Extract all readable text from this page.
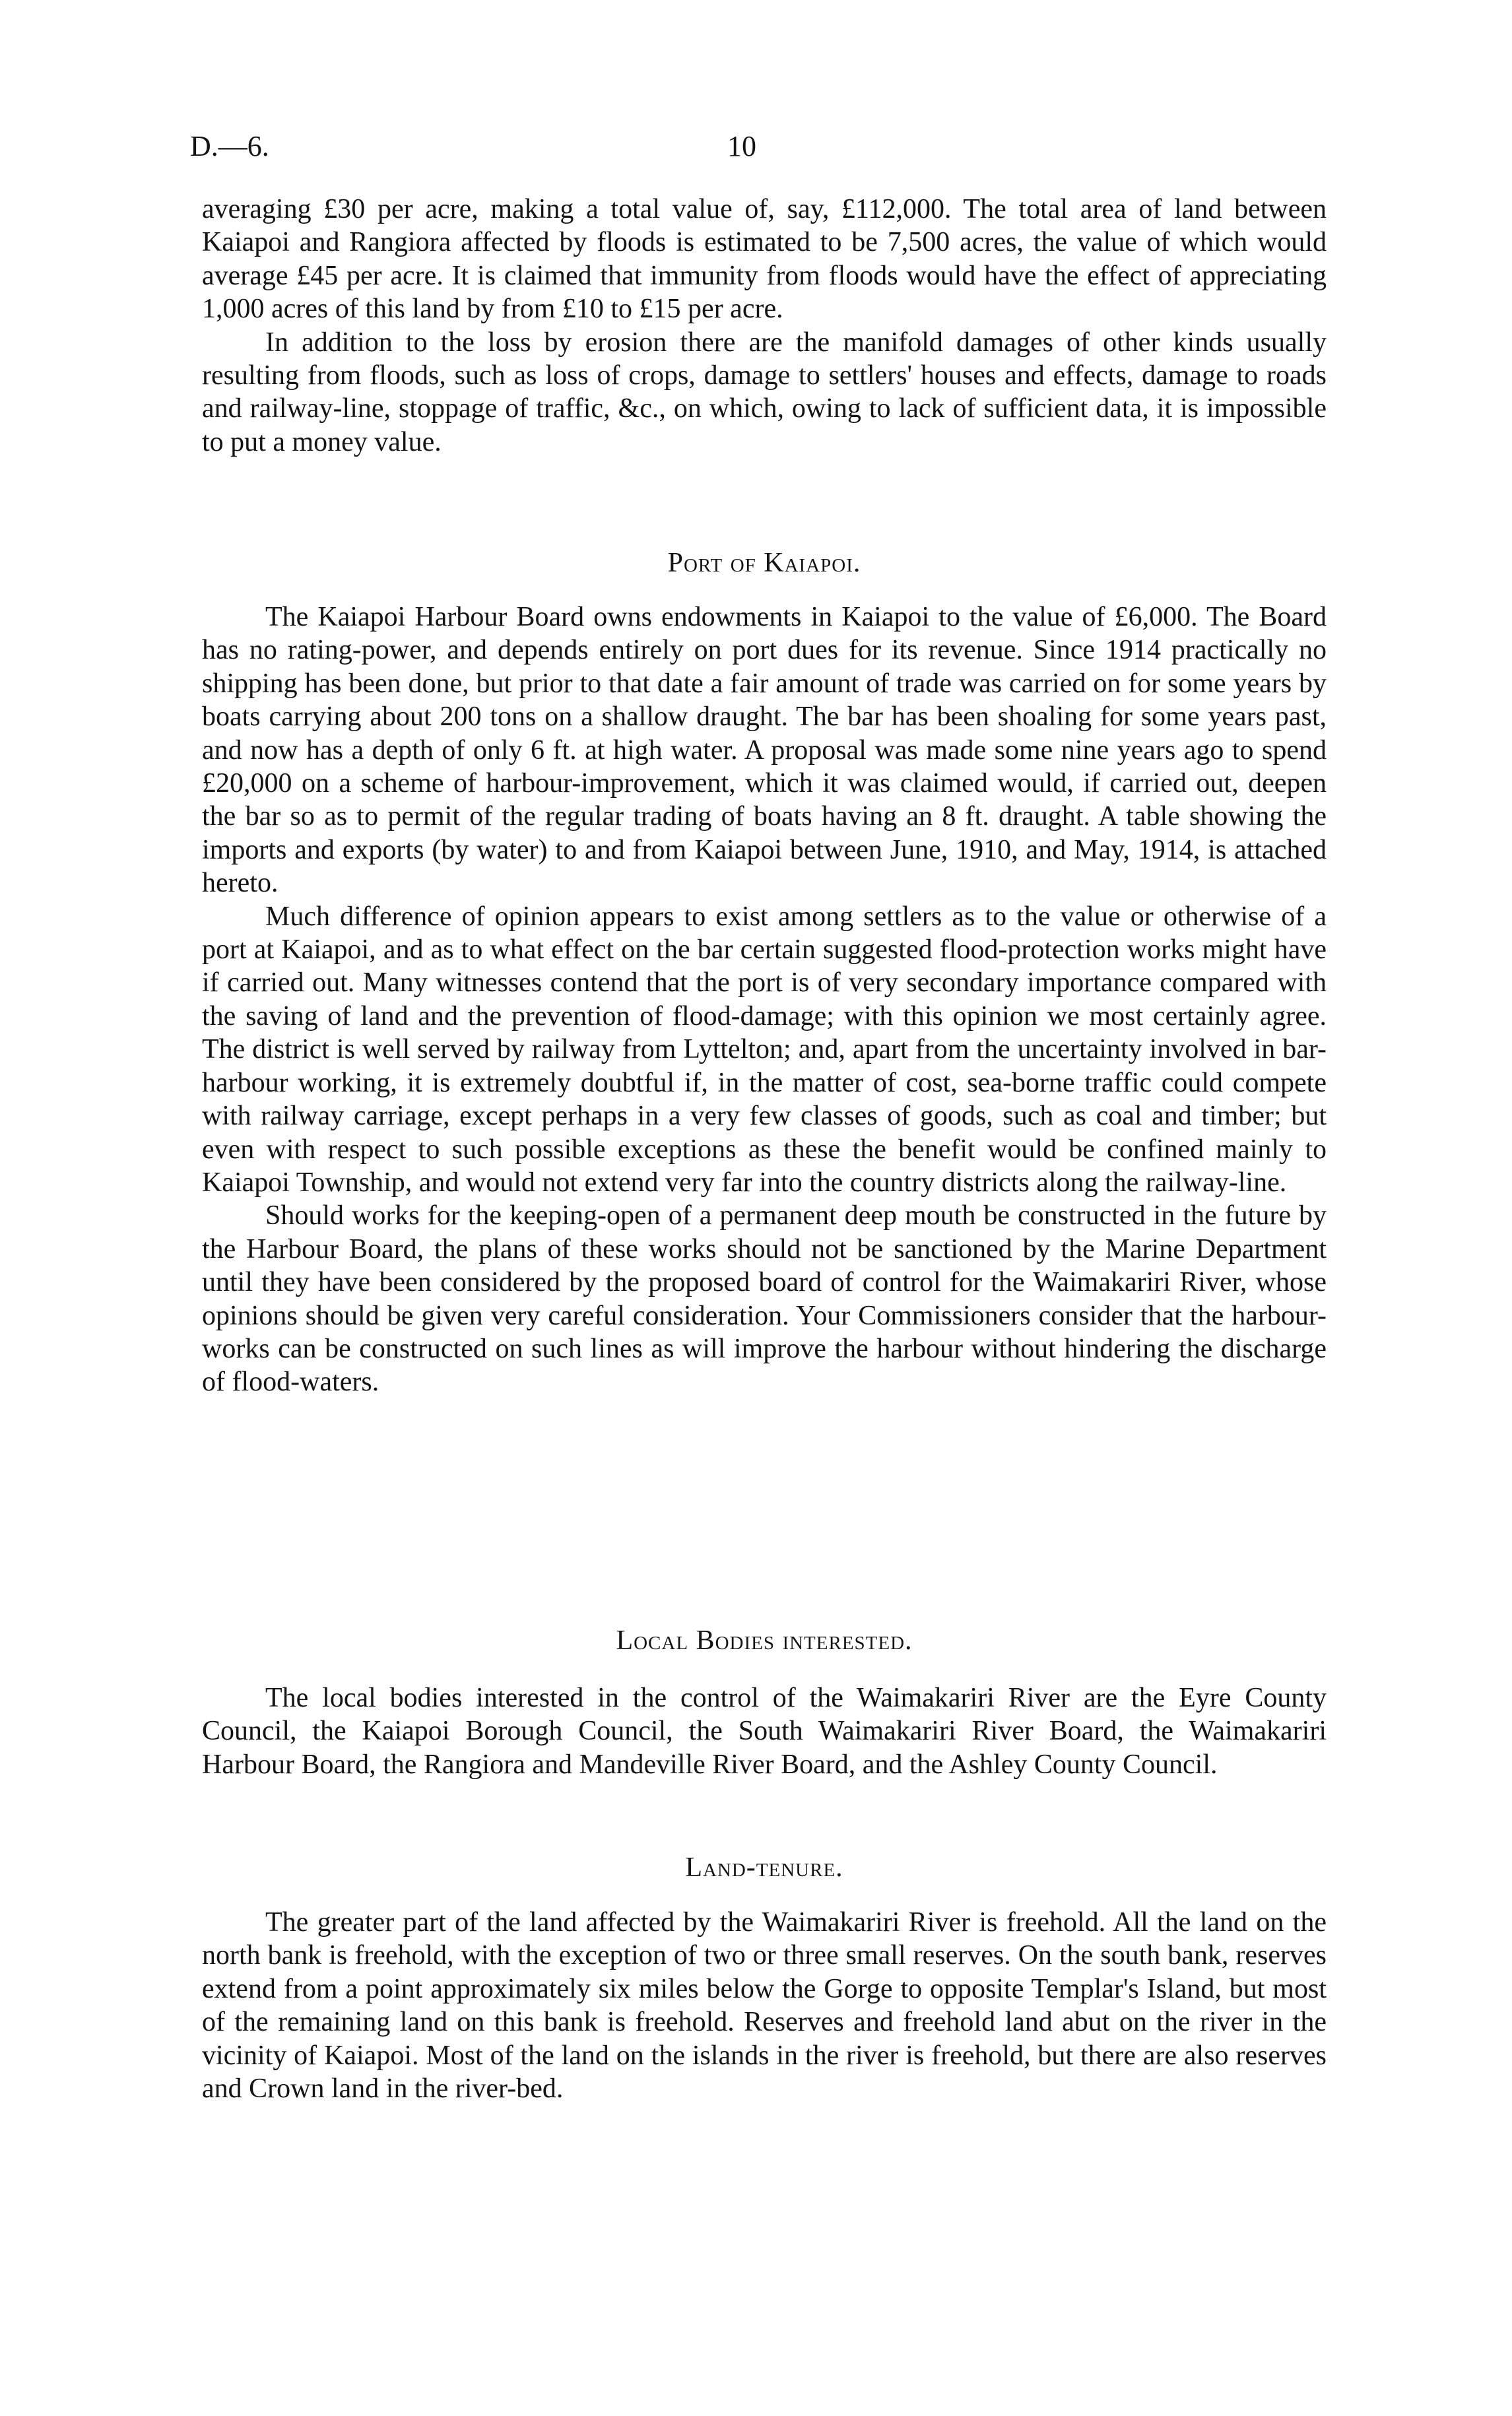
D.—6.	10

averaging £30 per acre, making a total value of, say, £112,000. The total area of land between Kaiapoi and Rangiora affected by floods is estimated to be 7,500 acres, the value of which would average £45 per acre. It is claimed that immunity from floods would have the effect of appreciating 1,000 acres of this land by from £10 to £15 per acre.

In addition to the loss by erosion there are the manifold damages of other kinds usually resulting from floods, such as loss of crops, damage to settlers' houses and effects, damage to roads and railway-line, stoppage of traffic, &c., on which, owing to lack of sufficient data, it is impossible to put a money value.

Port of Kaiapoi.

The Kaiapoi Harbour Board owns endowments in Kaiapoi to the value of £6,000. The Board has no rating-power, and depends entirely on port dues for its revenue. Since 1914 practically no shipping has been done, but prior to that date a fair amount of trade was carried on for some years by boats carrying about 200 tons on a shallow draught. The bar has been shoaling for some years past, and now has a depth of only 6 ft. at high water. A proposal was made some nine years ago to spend £20,000 on a scheme of harbour-improvement, which it was claimed would, if carried out, deepen the bar so as to permit of the regular trading of boats having an 8 ft. draught. A table showing the imports and exports (by water) to and from Kaiapoi between June, 1910, and May, 1914, is attached hereto.

Much difference of opinion appears to exist among settlers as to the value or otherwise of a port at Kaiapoi, and as to what effect on the bar certain suggested flood-protection works might have if carried out. Many witnesses contend that the port is of very secondary importance compared with the saving of land and the prevention of flood-damage; with this opinion we most certainly agree. The district is well served by railway from Lyttelton; and, apart from the uncertainty involved in bar-harbour working, it is extremely doubtful if, in the matter of cost, sea-borne traffic could compete with railway carriage, except perhaps in a very few classes of goods, such as coal and timber; but even with respect to such possible exceptions as these the benefit would be confined mainly to Kaiapoi Township, and would not extend very far into the country districts along the railway-line.

Should works for the keeping-open of a permanent deep mouth be constructed in the future by the Harbour Board, the plans of these works should not be sanctioned by the Marine Department until they have been considered by the proposed board of control for the Waimakariri River, whose opinions should be given very careful consideration. Your Commissioners consider that the harbour-works can be constructed on such lines as will improve the harbour without hindering the discharge of flood-waters.

Local Bodies interested.

The local bodies interested in the control of the Waimakariri River are the Eyre County Council, the Kaiapoi Borough Council, the South Waimakariri River Board, the Waimakariri Harbour Board, the Rangiora and Mandeville River Board, and the Ashley County Council.

Land-tenure.

The greater part of the land affected by the Waimakariri River is freehold. All the land on the north bank is freehold, with the exception of two or three small reserves. On the south bank, reserves extend from a point approximately six miles below the Gorge to opposite Templar's Island, but most of the remaining land on this bank is freehold. Reserves and freehold land abut on the river in the vicinity of Kaiapoi. Most of the land on the islands in the river is freehold, but there are also reserves and Crown land in the river-bed.
